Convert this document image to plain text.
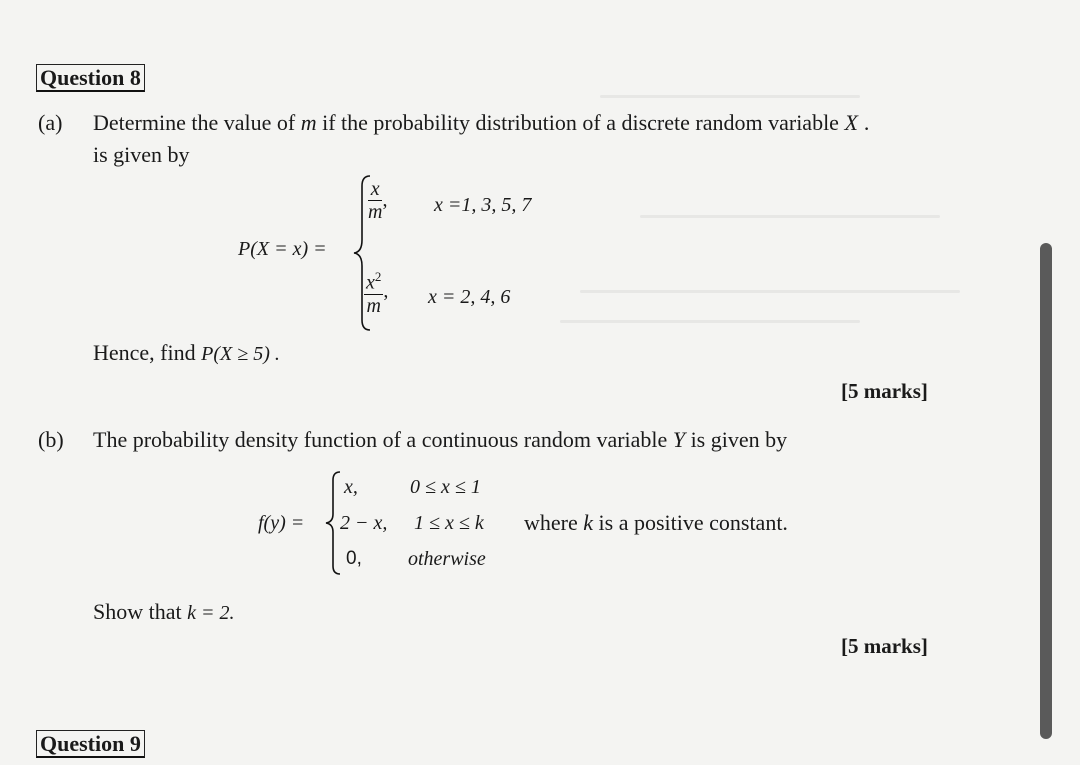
Question 8
(a) Determine the value of m if the probability distribution of a discrete random variable X .
is given by
P(X = x) =
$\frac{x}{m}$ , x =1, 3, 5, 7
$\frac{x^2}{m}$ , x = 2, 4, 6
Hence, find P(X ≥ 5) .
[5 marks]
(b) The probability density function of a continuous random variable Y is given by
f(y) =
x,	0 ≤ x ≤ 1
2 − x, 1 ≤ x ≤ k
0, otherwise
where k is a positive constant.
Show that k = 2.
[5 marks]
Question 9
